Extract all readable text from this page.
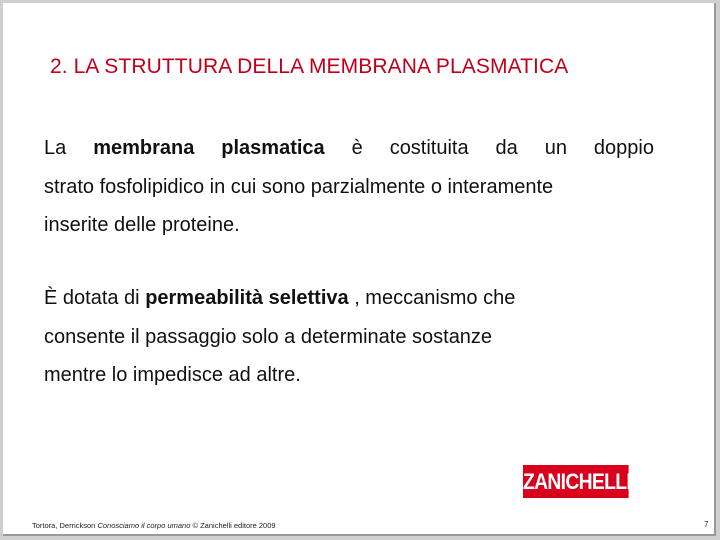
2. LA STRUTTURA DELLA MEMBRANA PLASMATICA
La membrana plasmatica è costituita da un doppio
strato fosfolipidico in cui sono parzialmente o interamente
inserite delle proteine.
È dotata di permeabilità selettiva , meccanismo che
consente il passaggio solo a determinate sostanze
mentre lo impedisce ad altre.
ZANICHELLI
Tortora, Derrickson Conosciamo il corpo umano © Zanichelli editore 2009	7
